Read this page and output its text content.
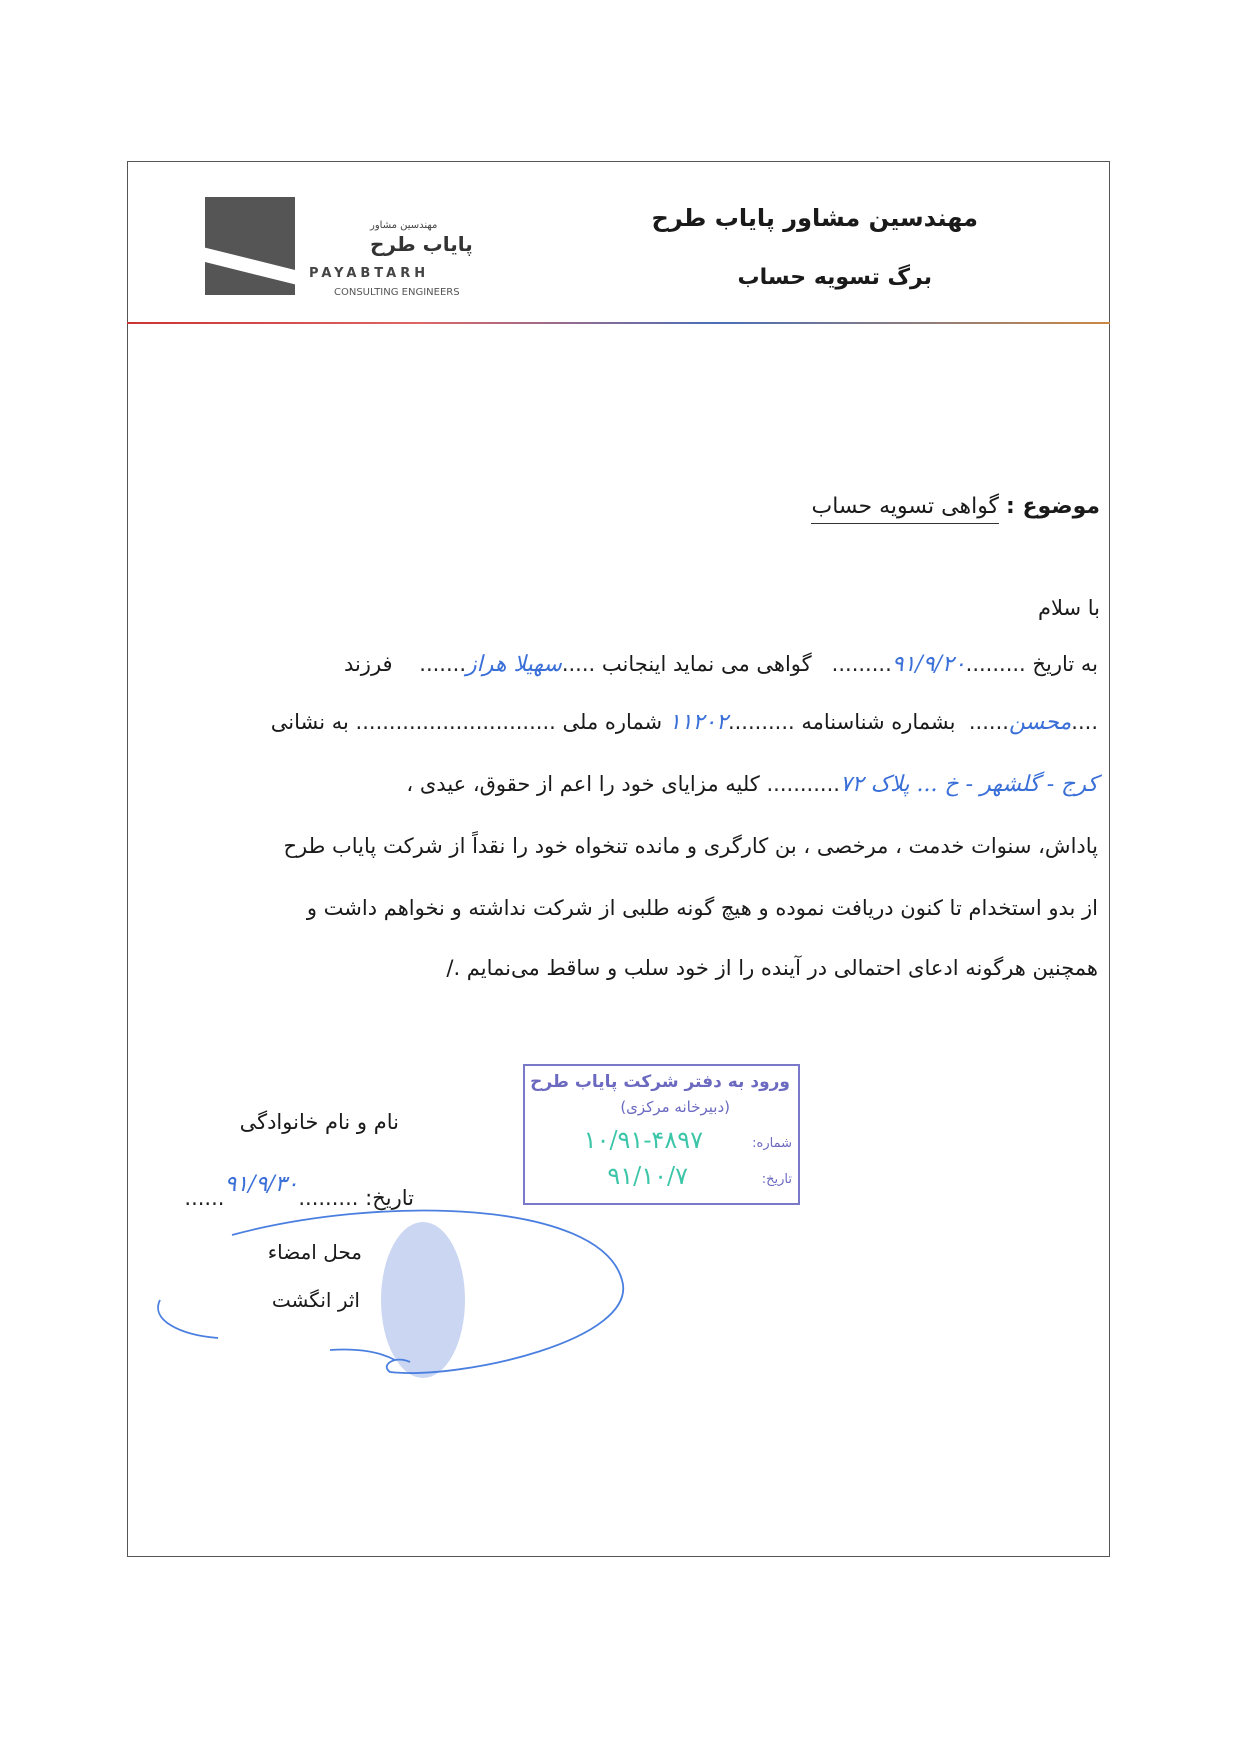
مهندسین مشاور
پایاب طرح
PAYABTARH
CONSULTING ENGINEERS
مهندسین مشاور پایاب طرح
برگ تسویه حساب
موضوع : گواهی تسویه حساب
با سلام
به تاریخ .........۹۱/۹/۲۰.........   گواهی می نماید اینجانب .....سهیلا هراز.......    فرزند
....محسن......  بشماره شناسنامه ..........۱۱۲۰۲ شماره ملی .............................. به نشانی
کرج - گلشهر - خ ... پلاک ۷۲........... کلیه مزایای خود را اعم از حقوق، عیدی ،
پاداش، سنوات خدمت ، مرخصی ، بن کارگری و مانده تنخواه خود را نقداً از شرکت پایاب طرح
از بدو استخدام تا کنون دریافت نموده و هیچ گونه طلبی از شرکت نداشته و نخواهم داشت و
همچنین هرگونه ادعای احتمالی در آینده را از خود سلب و ساقط می‌نمایم ./
ورود به دفتر شرکت پایاب طرح
(دبیرخانه مرکزی)
شماره:
۱۰/۹۱-۴۸۹۷
تاریخ:
۹۱/۱۰/۷
نام و نام خانوادگی
تاریخ: .........۹۱/۹/۳۰......
محل امضاء
اثر انگشت
